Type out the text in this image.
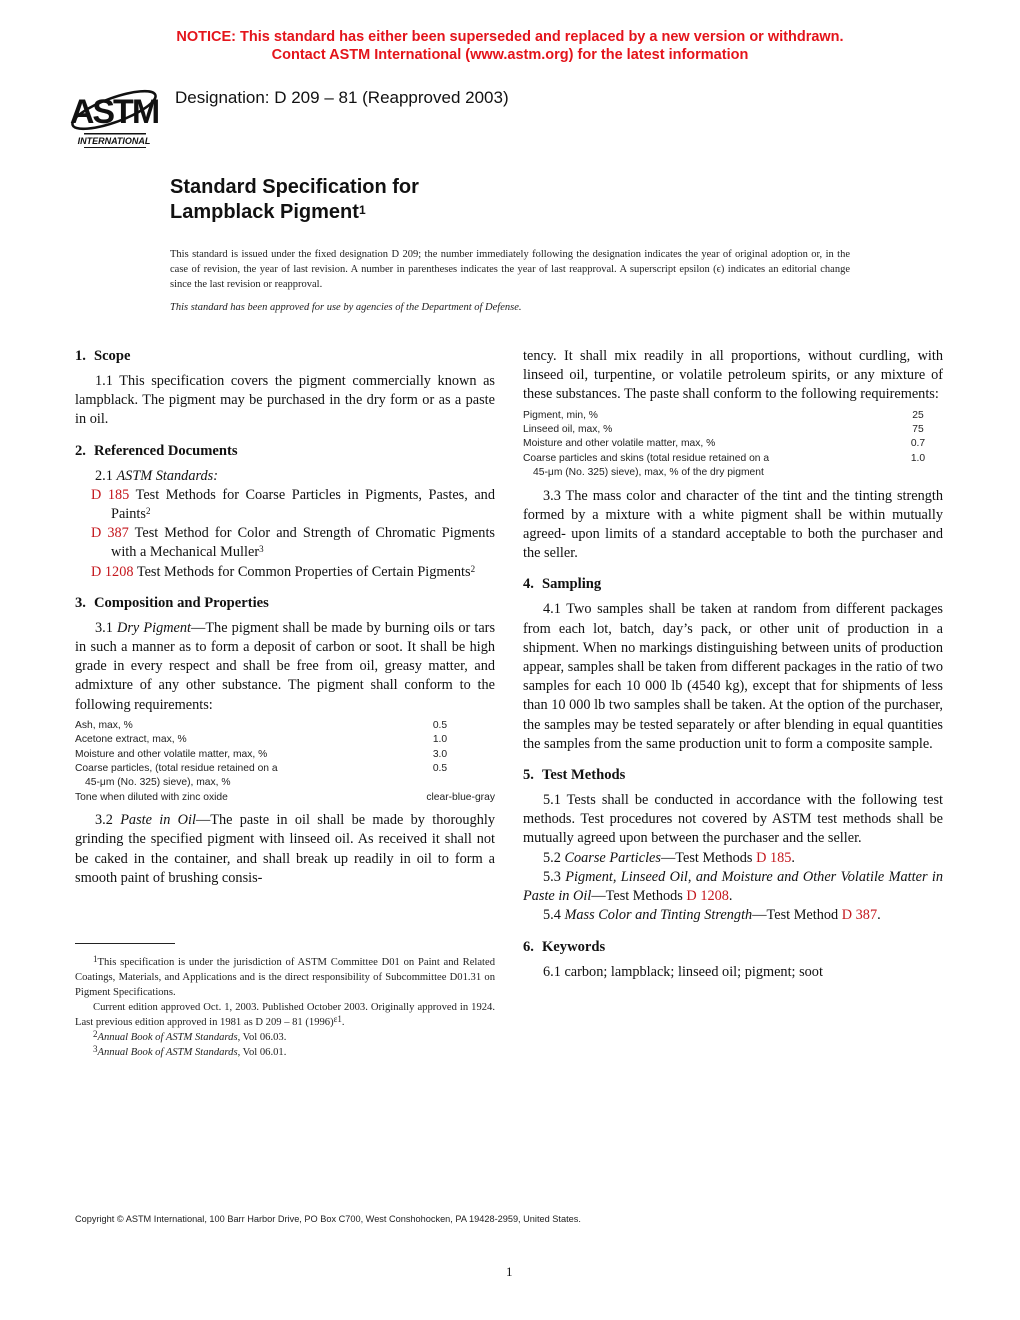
NOTICE: This standard has either been superseded and replaced by a new version or withdrawn.
Contact ASTM International (www.astm.org) for the latest information
ASTM
INTERNATIONAL
Designation: D 209 – 81 (Reapproved 2003)
Standard Specification for
Lampblack Pigment$^1$
This standard is issued under the fixed designation D 209; the number immediately following the designation indicates the year of original adoption or, in the case of revision, the year of last revision. A number in parentheses indicates the year of last reapproval. A superscript epsilon (ϵ) indicates an editorial change since the last revision or reapproval.
This standard has been approved for use by agencies of the Department of Defense.
1. Scope

1.1 This specification covers the pigment commercially known as lampblack. The pigment may be purchased in the dry form or as a paste in oil.

2. Referenced Documents

2.1 ASTM Standards:

D 185 Test Methods for Coarse Particles in Pigments, Pastes, and Paints$^2$

D 387 Test Method for Color and Strength of Chromatic Pigments with a Mechanical Muller$^3$

D 1208 Test Methods for Common Properties of Certain Pigments$^2$

3. Composition and Properties

3.1 Dry Pigment—The pigment shall be made by burning oils or tars in such a manner as to form a deposit of carbon or soot. It shall be high grade in every respect and shall be free from oil, greasy matter, and admixture of any other substance. The pigment shall conform to the following requirements:

Ash, max, %	0.5
Acetone extract, max, %	1.0
Moisture and other volatile matter, max, %	3.0

Coarse particles, (total residue retained on a
45-μm (No. 325) sieve), max, %	0.5
Tone when diluted with zinc oxide	clear-blue-gray

3.2 Paste in Oil—The paste in oil shall be made by thoroughly grinding the specified pigment with linseed oil. As received it shall not be caked in the container, and shall break up readily in oil to form a smooth paint of brushing consis-

$^1$This specification is under the jurisdiction of ASTM Committee D01 on Paint and Related Coatings, Materials, and Applications and is the direct responsibility of Subcommittee D01.31 on Pigment Specifications.

Current edition approved Oct. 1, 2003. Published October 2003. Originally approved in 1924. Last previous edition approved in 1981 as D 209 – 81 (1996)$^{\varepsilon 1}$.

$^2$Annual Book of ASTM Standards, Vol 06.03.

$^3$Annual Book of ASTM Standards, Vol 06.01.

tency. It shall mix readily in all proportions, without curdling, with linseed oil, turpentine, or volatile petroleum spirits, or any mixture of these substances. The paste shall conform to the following requirements:

Pigment, min, %	25
Linseed oil, max, %	75
Moisture and other volatile matter, max, %	0.7

Coarse particles and skins (total residue retained on a
45-μm (No. 325) sieve), max, % of the dry pigment	1.0

3.3 The mass color and character of the tint and the tinting strength formed by a mixture with a white pigment shall be within mutually agreed- upon limits of a standard acceptable to both the purchaser and the seller.

4. Sampling

4.1 Two samples shall be taken at random from different packages from each lot, batch, day’s pack, or other unit of production in a shipment. When no markings distinguishing between units of production appear, samples shall be taken from different packages in the ratio of two samples for each 10 000 lb (4540 kg), except that for shipments of less than 10 000 lb two samples shall be taken. At the option of the purchaser, the samples may be tested separately or after blending in equal quantities the samples from the same production unit to form a composite sample.

5. Test Methods

5.1 Tests shall be conducted in accordance with the following test methods. Test procedures not covered by ASTM test methods shall be mutually agreed upon between the purchaser and the seller.

5.2 Coarse Particles—Test Methods D 185.

5.3 Pigment, Linseed Oil, and Moisture and Other Volatile Matter in Paste in Oil—Test Methods D 1208.

5.4 Mass Color and Tinting Strength—Test Method D 387.

6. Keywords

6.1 carbon; lampblack; linseed oil; pigment; soot

Copyright © ASTM International, 100 Barr Harbor Drive, PO Box C700, West Conshohocken, PA 19428-2959, United States.
1
